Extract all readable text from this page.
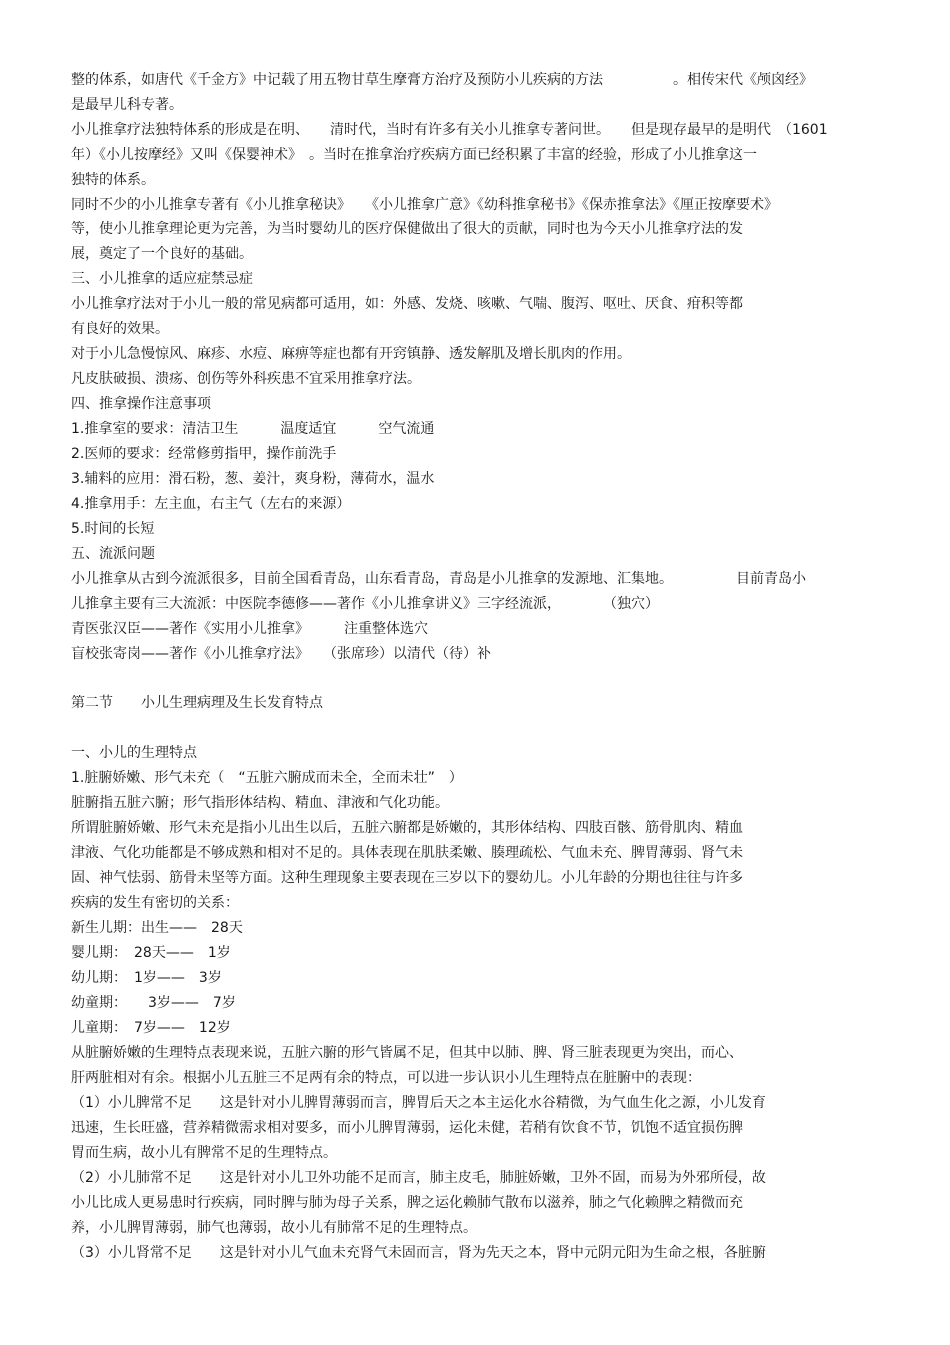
整的体系，如唐代《千金方》中记载了用五物甘草生摩膏方治疗及预防小儿疾病的方法　　　　　。相传宋代《颅囟经》
是最早儿科专著。
小儿推拿疗法独特体系的形成是在明、　　清时代，当时有许多有关小儿推拿专著问世。　　但是现存最早的是明代　（1601
年）《小儿按摩经》又叫《保婴神术》　。当时在推拿治疗疾病方面已经积累了丰富的经验，形成了小儿推拿这一
独特的体系。
同时不少的小儿推拿专著有《小儿推拿秘诀》　　《小儿推拿广意》《幼科推拿秘书》《保赤推拿法》《厘正按摩要术》
等，使小儿推拿理论更为完善，为当时婴幼儿的医疗保健做出了很大的贡献，同时也为今天小儿推拿疗法的发
展，奠定了一个良好的基础。
三、小儿推拿的适应症禁忌症
小儿推拿疗法对于小儿一般的常见病都可适用，如：外感、发烧、咳嗽、气喘、腹泻、呕吐、厌食、疳积等都
有良好的效果。
对于小儿急慢惊风、麻疹、水痘、麻痹等症也都有开窍镇静、透发解肌及增长肌肉的作用。
凡皮肤破损、溃疡、创伤等外科疾患不宜采用推拿疗法。
四、推拿操作注意事项
1.推拿室的要求：清洁卫生　　　温度适宜　　　空气流通
2.医师的要求：经常修剪指甲，操作前洗手
3.辅料的应用：滑石粉，葱、姜汁，爽身粉，薄荷水，温水
4.推拿用手：左主血，右主气（左右的来源）
5.时间的长短
五、流派问题
小儿推拿从古到今流派很多，目前全国看青岛，山东看青岛，青岛是小儿推拿的发源地、汇集地。　　　　　目前青岛小
儿推拿主要有三大流派：中医院李德修——著作《小儿推拿讲义》三字经流派，　　　　（独穴）
青医张汉臣——著作《实用小儿推拿》　　　注重整体选穴
盲校张寄岗——著作《小儿推拿疗法》　　（张席珍）以清代（待）补
第二节　　小儿生理病理及生长发育特点
一、小儿的生理特点
1.脏腑娇嫩、形气未充（　“五脏六腑成而未全，全而未壮”　）
脏腑指五脏六腑；形气指形体结构、精血、津液和气化功能。
所谓脏腑娇嫩、形气未充是指小儿出生以后，五脏六腑都是娇嫩的，其形体结构、四肢百骸、筋骨肌肉、精血
津液、气化功能都是不够成熟和相对不足的。具体表现在肌肤柔嫩、腠理疏松、气血未充、脾胃薄弱、肾气未
固、神气怯弱、筋骨未坚等方面。这种生理现象主要表现在三岁以下的婴幼儿。小儿年龄的分期也往往与许多
疾病的发生有密切的关系：
新生儿期：出生——　28天
婴儿期：　28天——　1岁
幼儿期：　1岁——　3岁
幼童期：　　3岁——　7岁
儿童期：　7岁——　12岁
从脏腑娇嫩的生理特点表现来说，五脏六腑的形气皆属不足，但其中以肺、脾、肾三脏表现更为突出，而心、
肝两脏相对有余。根据小儿五脏三不足两有余的特点，可以进一步认识小儿生理特点在脏腑中的表现：
（1）小儿脾常不足　　这是针对小儿脾胃薄弱而言，脾胃后天之本主运化水谷精微，为气血生化之源，小儿发育
迅速，生长旺盛，营养精微需求相对要多，而小儿脾胃薄弱，运化未健，若稍有饮食不节，饥饱不适宜损伤脾
胃而生病，故小儿有脾常不足的生理特点。
（2）小儿肺常不足　　这是针对小儿卫外功能不足而言，肺主皮毛，肺脏娇嫩，卫外不固，而易为外邪所侵，故
小儿比成人更易患时行疾病，同时脾与肺为母子关系，脾之运化赖肺气散布以滋养，肺之气化赖脾之精微而充
养，小儿脾胃薄弱，肺气也薄弱，故小儿有肺常不足的生理特点。
（3）小儿肾常不足　　这是针对小儿气血未充肾气未固而言，肾为先天之本，肾中元阴元阳为生命之根，各脏腑
